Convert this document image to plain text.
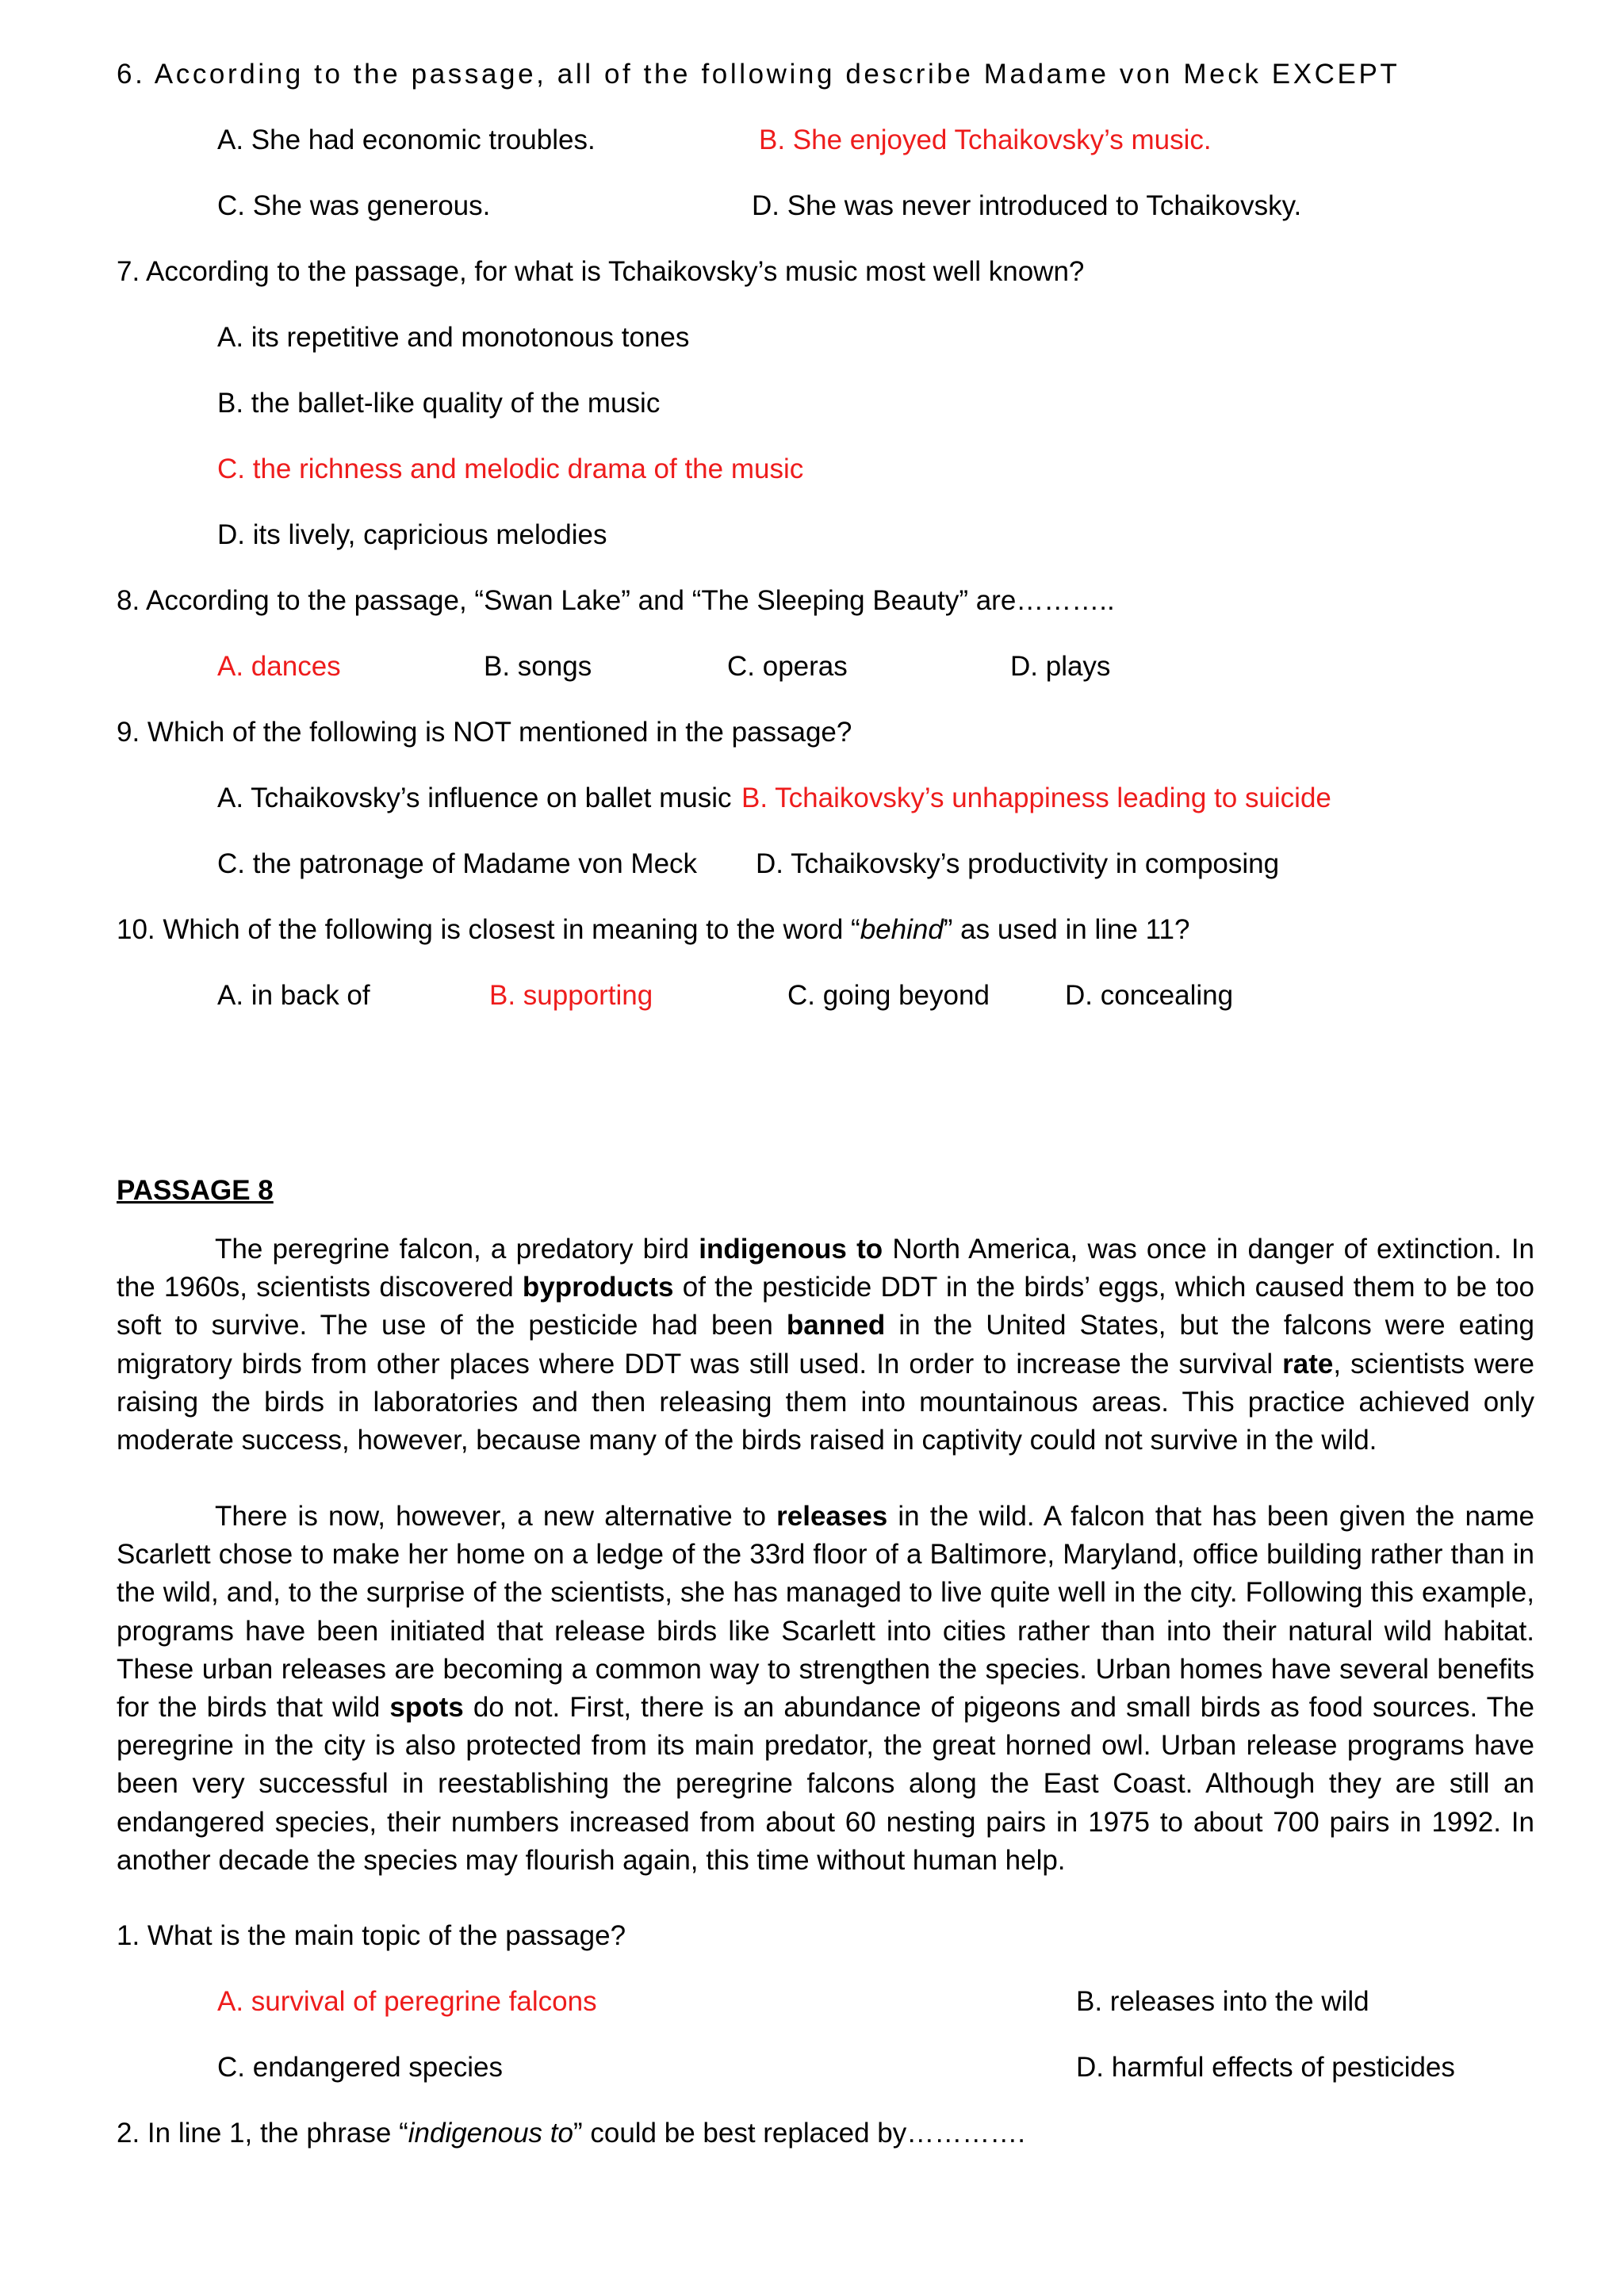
6. According to the passage, all of the following describe Madame von Meck EXCEPT
A. She had economic troubles.	B. She enjoyed Tchaikovsky’s music.
C. She was generous.	D. She was never introduced to Tchaikovsky.
7. According to the passage, for what is Tchaikovsky’s music most well known?
A. its repetitive and monotonous tones
B. the ballet-like quality of the music
C. the richness and melodic drama of the music
D. its lively, capricious melodies
8. According to the passage, “Swan Lake” and “The Sleeping Beauty” are………..
A. dances	B. songs	C. operas	D. plays
9. Which of the following is NOT mentioned in the passage?
A. Tchaikovsky’s influence on ballet music B. Tchaikovsky’s unhappiness leading to suicide
C. the patronage of Madame von Meck D. Tchaikovsky’s productivity in composing
10. Which of the following is closest in meaning to the word “behind” as used in line 11?
A. in back of	B. supporting	C. going beyond	D. concealing
PASSAGE 8
The peregrine falcon, a predatory bird indigenous to North America, was once in danger of extinction. In the 1960s, scientists discovered byproducts of the pesticide DDT in the birds’ eggs, which caused them to be too soft to survive. The use of the pesticide had been banned in the United States, but the falcons were eating migratory birds from other places where DDT was still used. In order to increase the survival rate, scientists were raising the birds in laboratories and then releasing them into mountainous areas. This practice achieved only moderate success, however, because many of the birds raised in captivity could not survive in the wild.
There is now, however, a new alternative to releases in the wild. A falcon that has been given the name Scarlett chose to make her home on a ledge of the 33rd floor of a Baltimore, Maryland, office building rather than in the wild, and, to the surprise of the scientists, she has managed to live quite well in the city. Following this example, programs have been initiated that release birds like Scarlett into cities rather than into their natural wild habitat. These urban releases are becoming a common way to strengthen the species. Urban homes have several benefits for the birds that wild spots do not. First, there is an abundance of pigeons and small birds as food sources. The peregrine in the city is also protected from its main predator, the great horned owl. Urban release programs have been very successful in reestablishing the peregrine falcons along the East Coast. Although they are still an endangered species, their numbers increased from about 60 nesting pairs in 1975 to about 700 pairs in 1992. In another decade the species may flourish again, this time without human help.
1. What is the main topic of the passage?
A. survival of peregrine falcons	B. releases into the wild
C. endangered species	D. harmful effects of pesticides
2. In line 1, the phrase “indigenous to” could be best replaced by………….
